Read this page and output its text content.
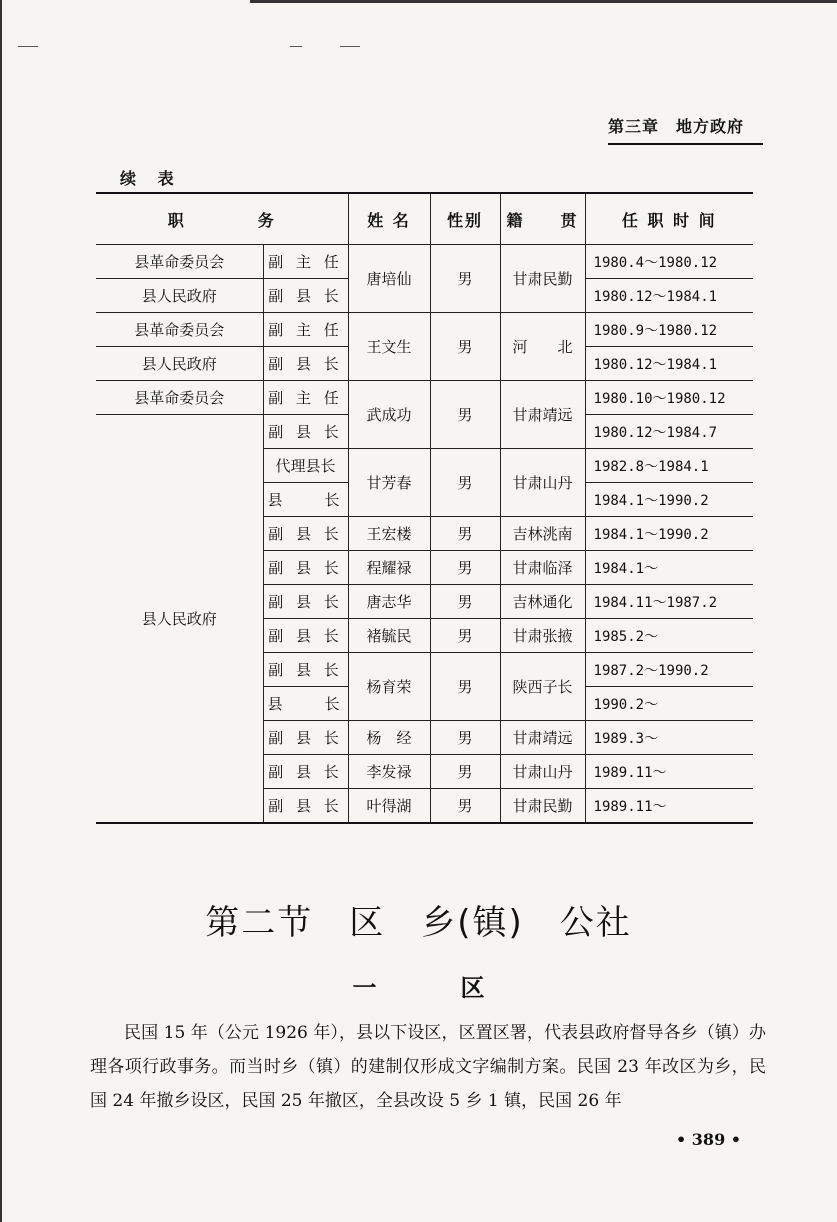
第三章　地方政府
续 表
职　　　　务		姓 名	性别	籍　　贯	任 职 时 间
县革命委员会	副 主 任	唐培仙	男	甘肃民勤	1980.4～1980.12
县人民政府	副 县 长				1980.12～1984.1
县革命委员会	副 主 任	王文生	男	河　　北	1980.9～1980.12
县人民政府	副 县 长				1980.12～1984.1
县革命委员会	副 主 任	武成功	男	甘肃靖远	1980.10～1980.12
县人民政府	副 县 长				1980.12～1984.7
	代理县长	甘芳春	男	甘肃山丹	1982.8～1984.1
	县　　长				1984.1～1990.2
	副 县 长	王宏楼	男	吉林洮南	1984.1～1990.2
	副 县 长	程耀禄	男	甘肃临泽	1984.1～
	副 县 长	唐志华	男	吉林通化	1984.11～1987.2
	副 县 长	褚毓民	男	甘肃张掖	1985.2～
	副 县 长	杨育荣	男	陕西子长	1987.2～1990.2
	县　　长				1990.2～
	副 县 长	杨　经	男	甘肃靖远	1989.3～
	副 县 长	李发禄	男	甘肃山丹	1989.11～
	副 县 长	叶得湖	男	甘肃民勤	1989.11～
第二节　区　乡(镇)　公社
一　区
民国 15 年（公元 1926 年），县以下设区，区置区署，代表县政府督导各乡（镇）办理各项行政事务。而当时乡（镇）的建制仅形成文字编制方案。民国 23 年改区为乡，民国 24 年撤乡设区，民国 25 年撤区，全县改设 5 乡 1 镇，民国 26 年
• 389 •
